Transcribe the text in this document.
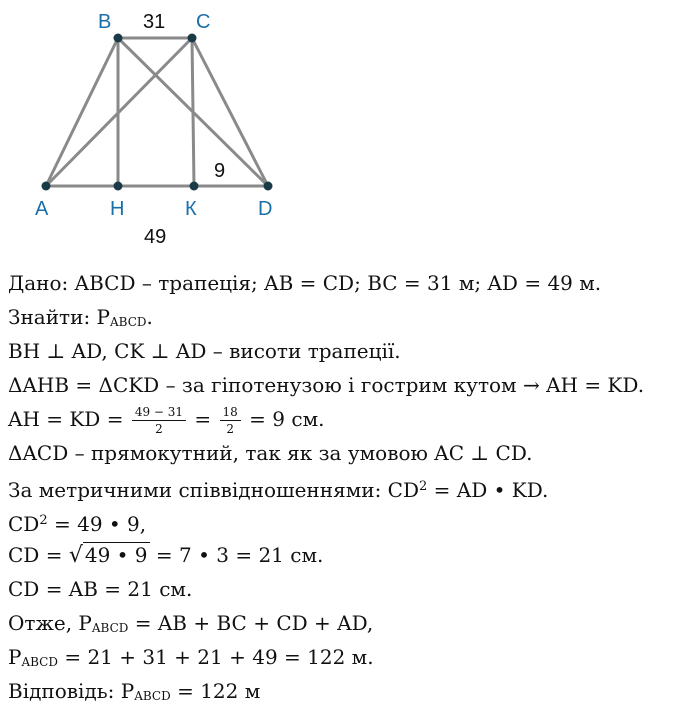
B	C
A	H	К	D
31
9
49
Дано: ABCD – трапеція; AB = CD; BC = 31 м; AD = 49 м.
Знайти: PABCD.
BH ⊥ AD, CK ⊥ AD – висоти трапеції.
ΔAHB = ΔCKD – за гіпотенузою і гострим кутом → AH = KD.
AH = KD = $\frac{49 - 31}{2} = \frac{18}{2} = 9$ см.
ΔACD – прямокутний, так як за умовою AC ⊥ CD.
За метричними співвідношеннями: $CD^2$ = AD • KD.
$CD^2 = 49$ • 9,
CD = √ 49 • 9 = 7 • 3 = 21 см.
CD = AB = 21 см.
Отже, PABCD = AB + BC + CD + AD,
PABCD = 21 + 31 + 21 + 49 = 122 м.
Відповідь: PABCD = 122 м
